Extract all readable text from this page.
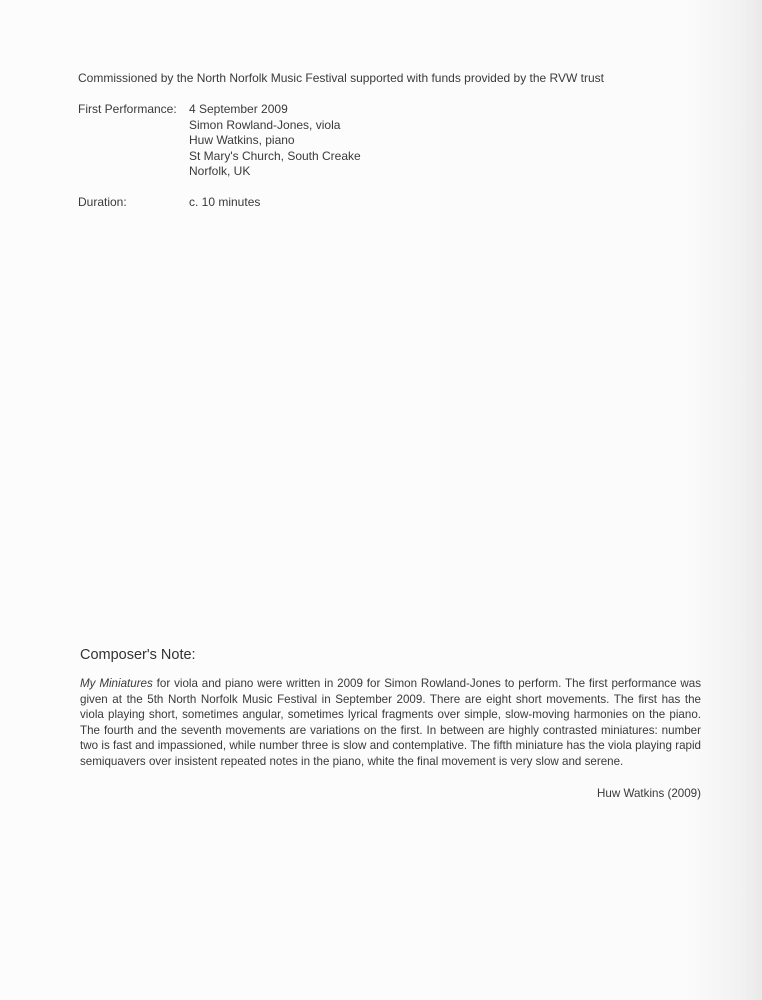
Commissioned by the North Norfolk Music Festival supported with funds provided by the RVW trust
First Performance:	4 September 2009
Simon Rowland-Jones, viola
Huw Watkins, piano
St Mary's Church, South Creake
Norfolk, UK
Duration:	c. 10 minutes
Composer's Note:

My Miniatures for viola and piano were written in 2009 for Simon Rowland-Jones to perform. The first performance was given at the 5th North Norfolk Music Festival in September 2009. There are eight short movements. The first has the viola playing short, sometimes angular, sometimes lyrical fragments over simple, slow-moving harmonies on the piano. The fourth and the seventh movements are variations on the first. In between are highly contrasted miniatures: number two is fast and impassioned, while number three is slow and contemplative. The fifth miniature has the viola playing rapid semiquavers over insistent repeated notes in the piano, white the final movement is very slow and serene.

Huw Watkins (2009)
